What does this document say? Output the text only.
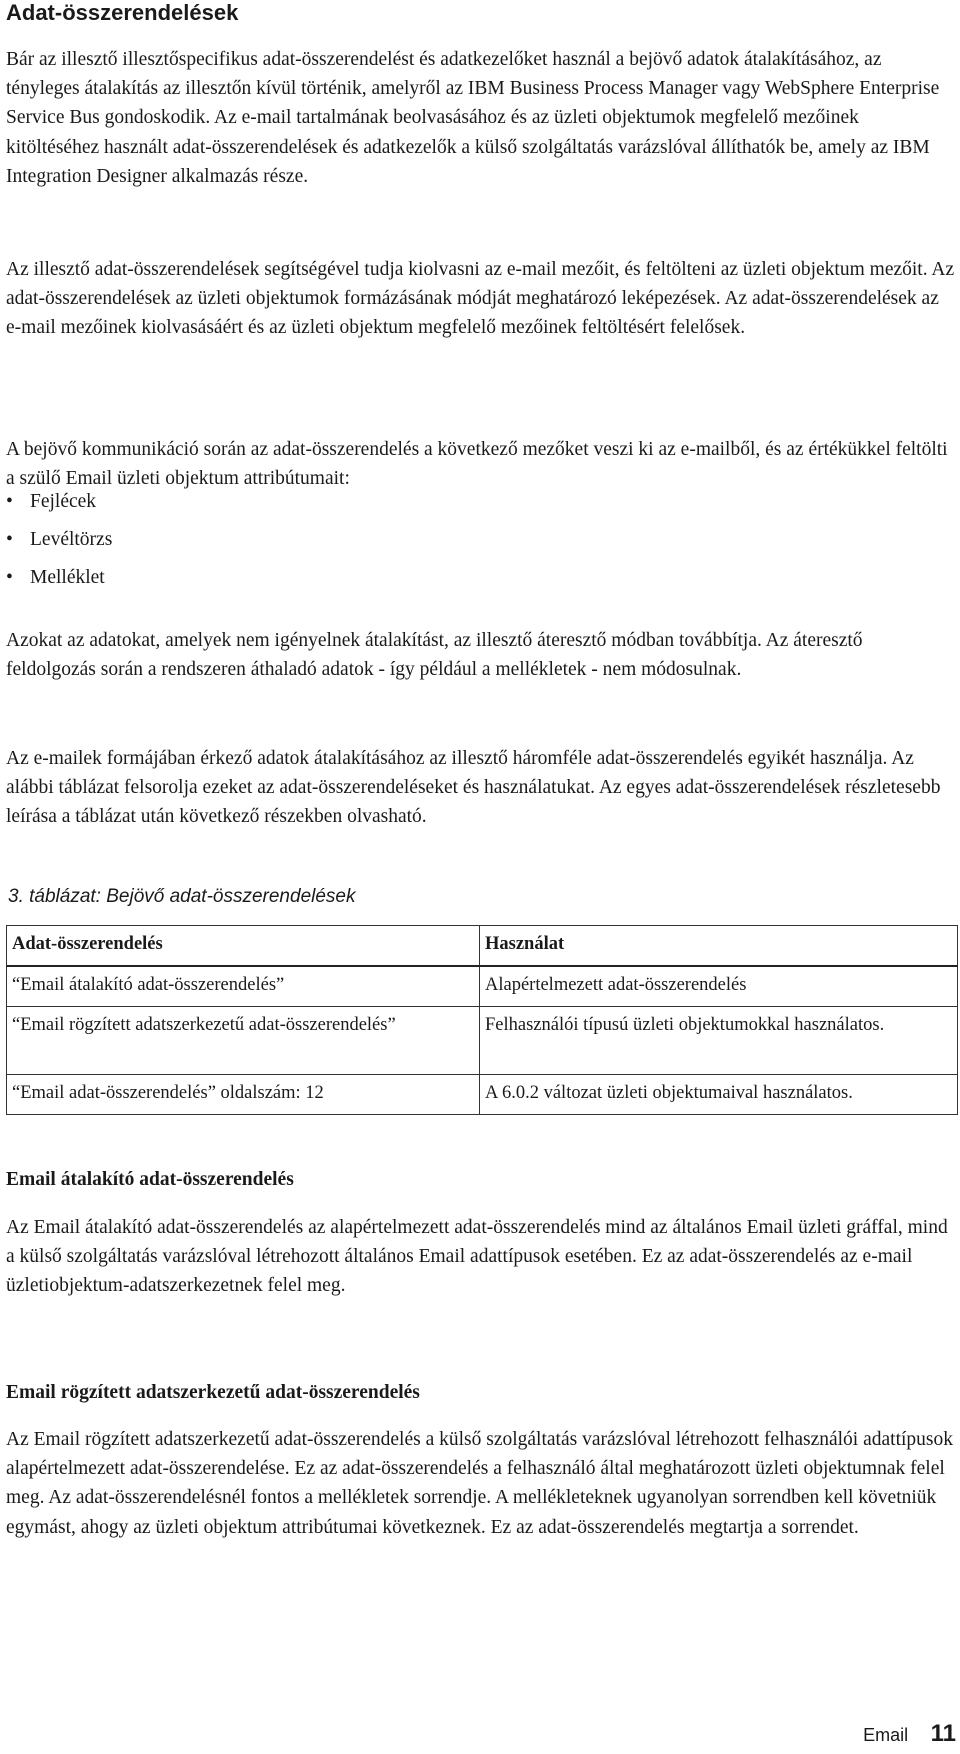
Adat-összerendelések

Bár az illesztő illesztőspecifikus adat-összerendelést és adatkezelőket használ a bejövő adatok átalakításához, az tényleges átalakítás az illesztőn kívül történik, amelyről az IBM Business Process Manager vagy WebSphere Enterprise Service Bus gondoskodik. Az e-mail tartalmának beolvasásához és az üzleti objektumok megfelelő mezőinek kitöltéséhez használt adat-összerendelések és adatkezelők a külső szolgáltatás varázslóval állíthatók be, amely az IBM Integration Designer alkalmazás része.

Az illesztő adat-összerendelések segítségével tudja kiolvasni az e-mail mezőit, és feltölteni az üzleti objektum mezőit. Az adat-összerendelések az üzleti objektumok formázásának módját meghatározó leképezések. Az adat-összerendelések az e-mail mezőinek kiolvasásáért és az üzleti objektum megfelelő mezőinek feltöltésért felelősek.

A bejövő kommunikáció során az adat-összerendelés a következő mezőket veszi ki az e-mailből, és az értékükkel feltölti a szülő Email üzleti objektum attribútumait:

• Fejlécek
• Levéltörzs
• Melléklet

Azokat az adatokat, amelyek nem igényelnek átalakítást, az illesztő áteresztő módban továbbítja. Az áteresztő feldolgozás során a rendszeren áthaladó adatok - így például a mellékletek - nem módosulnak.

Az e-mailek formájában érkező adatok átalakításához az illesztő háromféle adat-összerendelés egyikét használja. Az alábbi táblázat felsorolja ezeket az adat-összerendeléseket és használatukat. Az egyes adat-összerendelések részletesebb leírása a táblázat után következő részekben olvasható.

3. táblázat: Bejövő adat-összerendelések

Adat-összerendelés	Használat
“Email átalakító adat-összerendelés”	Alapértelmezett adat-összerendelés
“Email rögzített adatszerkezetű adat-összerendelés”	Felhasználói típusú üzleti objektumokkal használatos.
“Email adat-összerendelés” oldalszám: 12	A 6.0.2 változat üzleti objektumaival használatos.
Email átalakító adat-összerendelés

Az Email átalakító adat-összerendelés az alapértelmezett adat-összerendelés mind az általános Email üzleti gráffal, mind a külső szolgáltatás varázslóval létrehozott általános Email adattípusok esetében. Ez az adat-összerendelés az e-mail üzletiobjektum-adatszerkezetnek felel meg.

Email rögzített adatszerkezetű adat-összerendelés

Az Email rögzített adatszerkezetű adat-összerendelés a külső szolgáltatás varázslóval létrehozott felhasználói adattípusok alapértelmezett adat-összerendelése. Ez az adat-összerendelés a felhasználó által meghatározott üzleti objektumnak felel meg. Az adat-összerendelésnél fontos a mellékletek sorrendje. A mellékleteknek ugyanolyan sorrendben kell követniük egymást, ahogy az üzleti objektum attribútumai következnek. Ez az adat-összerendelés megtartja a sorrendet.

Email 11
